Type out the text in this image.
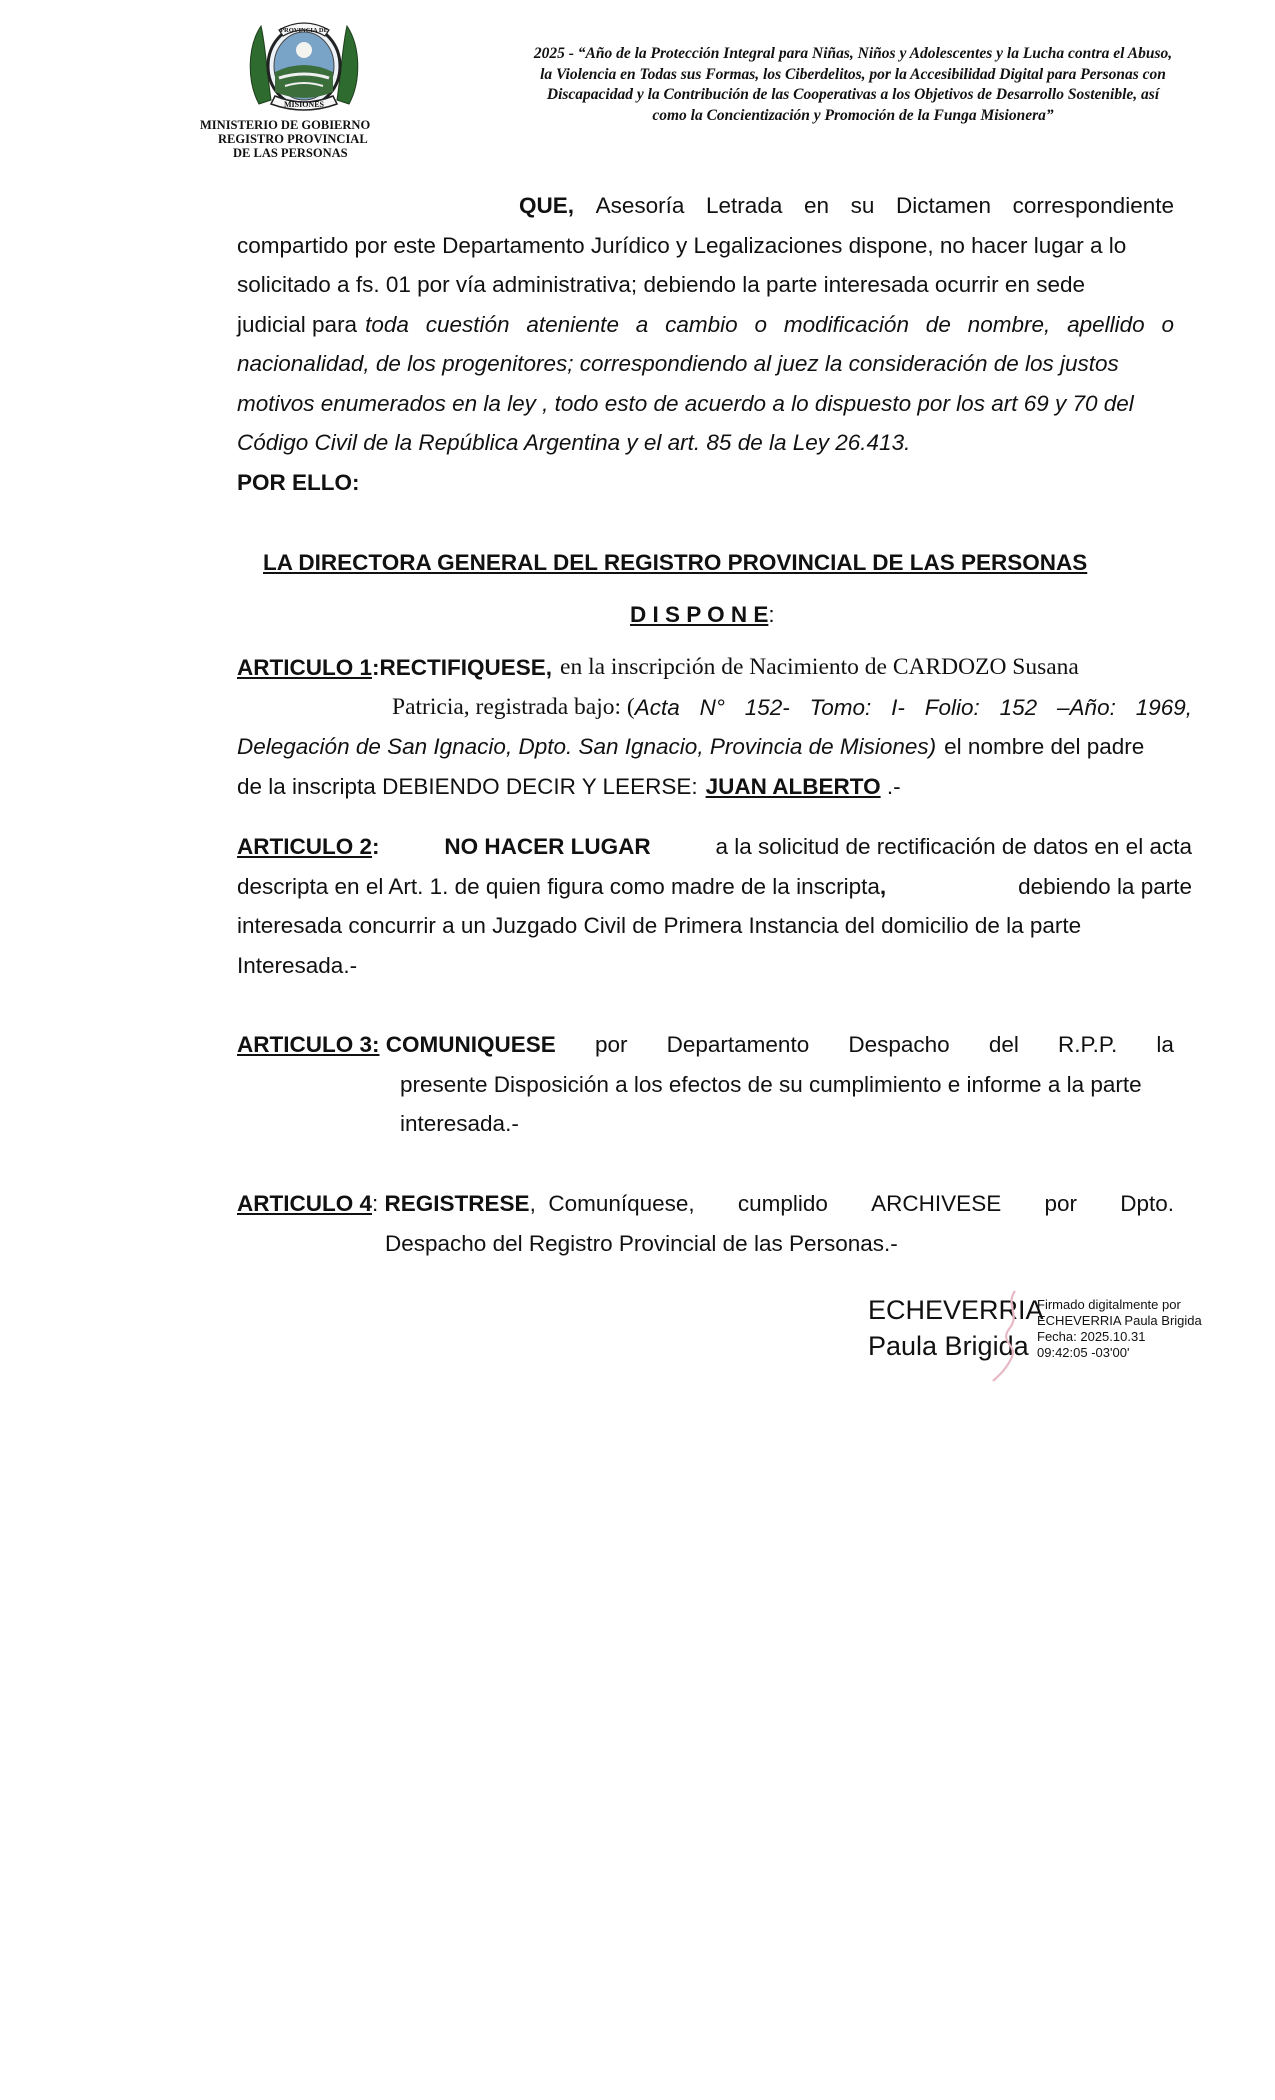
PROVINCIA DE
MISIONES
MINISTERIO DE GOBIERNO
REGISTRO PROVINCIAL
DE LAS PERSONAS
2025 - “Año de la Protección Integral para Niñas, Niños y Adolescentes y la Lucha contra el Abuso,
la Violencia en Todas sus Formas, los Ciberdelitos, por la Accesibilidad Digital para Personas con
Discapacidad y la Contribución de las Cooperativas a los Objetivos de Desarrollo Sostenible, así
como la Concientización y Promoción de la Funga Misionera”
QUE, Asesoría Letrada en su Dictamen correspondiente
compartido por este Departamento Jurídico y Legalizaciones dispone, no hacer lugar a lo
solicitado a fs. 01 por vía administrativa; debiendo la parte interesada ocurrir en sede
judicial para toda cuestión ateniente a cambio o modificación de nombre, apellido o
nacionalidad, de los progenitores; correspondiendo al juez la consideración de los justos
motivos enumerados en la ley , todo esto de acuerdo a lo dispuesto por los art 69 y 70 del
Código Civil de la República Argentina y el art. 85 de la Ley 26.413.
POR ELLO:
LA DIRECTORA GENERAL DEL REGISTRO PROVINCIAL DE LAS PERSONAS
D I S P O N E:
ARTICULO 1: RECTIFIQUESE, en la inscripción de Nacimiento de CARDOZO Susana
Patricia, registrada bajo: ( Acta N° 152- Tomo: I- Folio: 152 –Año: 1969,
Delegación de San Ignacio, Dpto. San Ignacio, Provincia de Misiones) el nombre del padre
de la inscripta DEBIENDO DECIR Y LEERSE: JUAN ALBERTO .-
ARTICULO 2:	NO HACER LUGAR	a la solicitud de rectificación de datos en el acta
descripta en el Art. 1. de quien figura como madre de la inscripta,	debiendo la parte
interesada concurrir a un Juzgado Civil de Primera Instancia del domicilio de la parte
Interesada.-
ARTICULO 3: COMUNIQUESE por Departamento Despacho del R.P.P. la
presente Disposición a los efectos de su cumplimiento e informe a la parte
interesada.-
ARTICULO 4: REGISTRESE,  Comuníquese, cumplido ARCHIVESE por Dpto.
Despacho del Registro Provincial de las Personas.-
ECHEVERRIA
Paula Brigida
Firmado digitalmente por
ECHEVERRIA Paula Brigida
Fecha: 2025.10.31
09:42:05 -03'00'
